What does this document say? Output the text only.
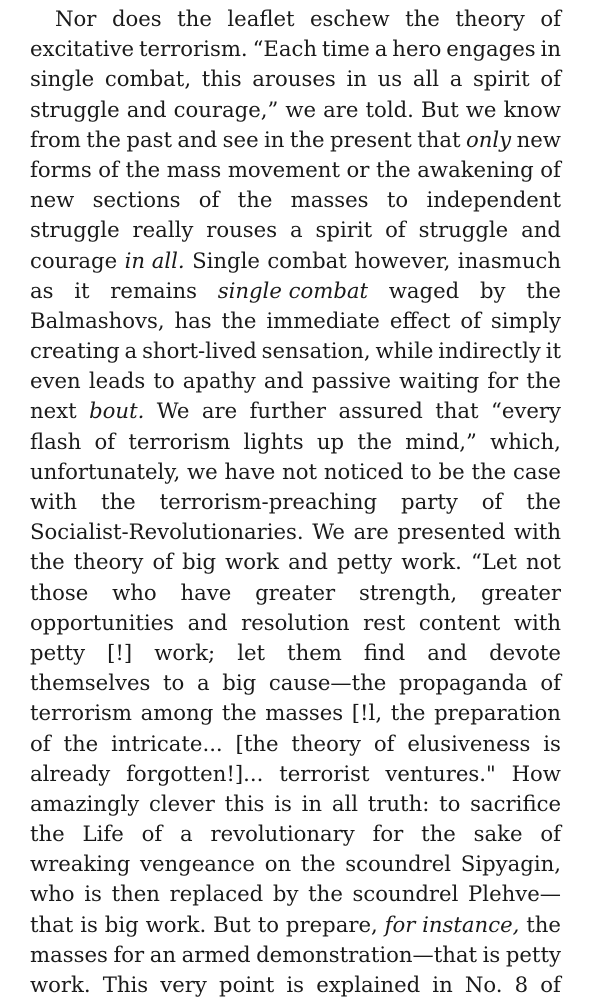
Nor does the leaflet eschew the theory of
excitative terrorism. “Each time a hero engages in
single combat, this arouses in us all a spirit of
struggle and courage,” we are told. But we know
from the past and see in the present that only new
forms of the mass movement or the awakening of
new sections of the masses to independent
struggle really rouses a spirit of struggle and
courage in all. Single combat however, inasmuch
as it remains single combat waged by the
Balmashovs, has the immediate effect of simply
creating a short-lived sensation, while indirectly it
even leads to apathy and passive waiting for the
next bout. We are further assured that “every
flash of terrorism lights up the mind,” which,
unfortunately, we have not noticed to be the case
with the terrorism-preaching party of the
Socialist-Revolutionaries. We are presented with
the theory of big work and petty work. “Let not
those who have greater strength, greater
opportunities and resolution rest content with
petty [!] work; let them find and devote
themselves to a big cause—the propaganda of
terrorism among the masses [!l, the preparation
of the intricate... [the theory of elusiveness is
already forgotten!]... terrorist ventures." How
amazingly clever this is in all truth: to sacrifice
the Life of a revolutionary for the sake of
wreaking vengeance on the scoundrel Sipyagin,
who is then replaced by the scoundrel Plehve—
that is big work. But to prepare, for instance, the
masses for an armed demonstration—that is petty
work. This very point is explained in No. 8 of
